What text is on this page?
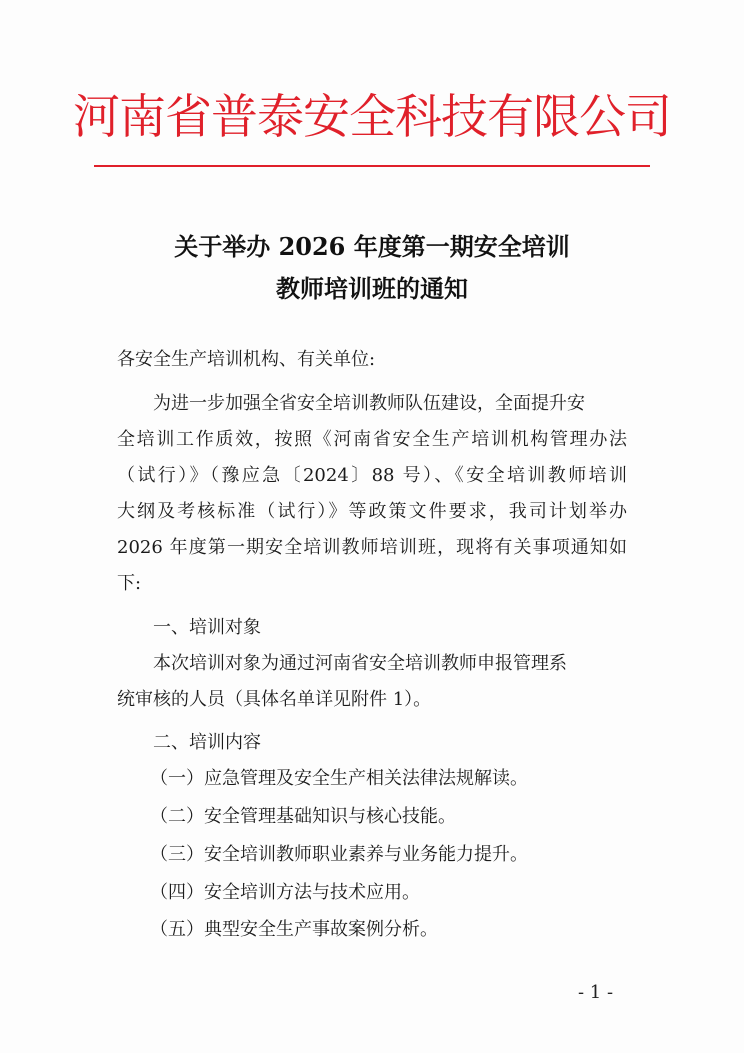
河南省普泰安全科技有限公司
关于举办 2026 年度第一期安全培训
教师培训班的通知
各安全生产培训机构、有关单位:
为进一步加强全省安全培训教师队伍建设，全面提升安
全培训工作质效，按照《河南省安全生产培训机构管理办法
（试行）》（豫应急〔2024〕88 号）、《安全培训教师培训
大纲及考核标准（试行）》等政策文件要求，我司计划举办
2026 年度第一期安全培训教师培训班，现将有关事项通知如
下:
一、培训对象
本次培训对象为通过河南省安全培训教师申报管理系
统审核的人员（具体名单详见附件 1）。
二、培训内容
（一）应急管理及安全生产相关法律法规解读。
（二）安全管理基础知识与核心技能。
（三）安全培训教师职业素养与业务能力提升。
（四）安全培训方法与技术应用。
（五）典型安全生产事故案例分析。
- 1 -
